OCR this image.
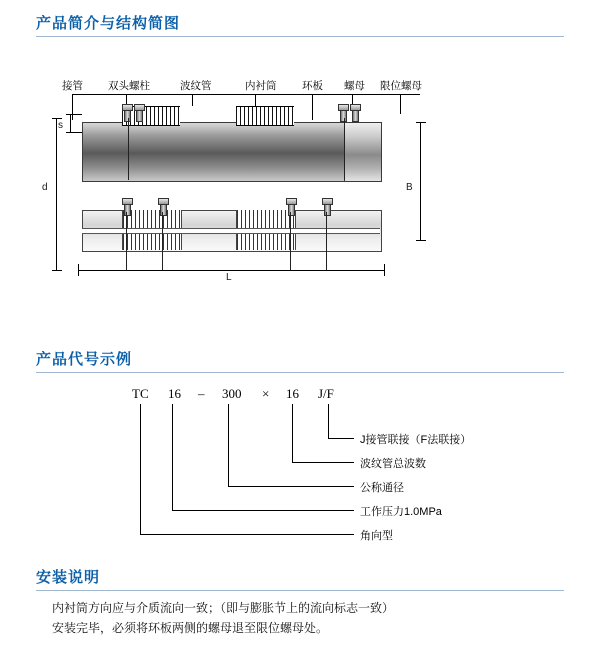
产品简介与结构简图
接管 双头螺柱	波纹管	内衬筒 环板 螺母 限位螺母
s
d	B
L
产品代号示例
TC 16 – 300 × 16 J/F
J接管联接（F法联接）
波纹管总波数
公称通径
工作压力1.0MPa
角向型
安装说明
内衬筒方向应与介质流向一致；（即与膨胀节上的流向标志一致）
安装完毕，必须将环板两侧的螺母退至限位螺母处。
